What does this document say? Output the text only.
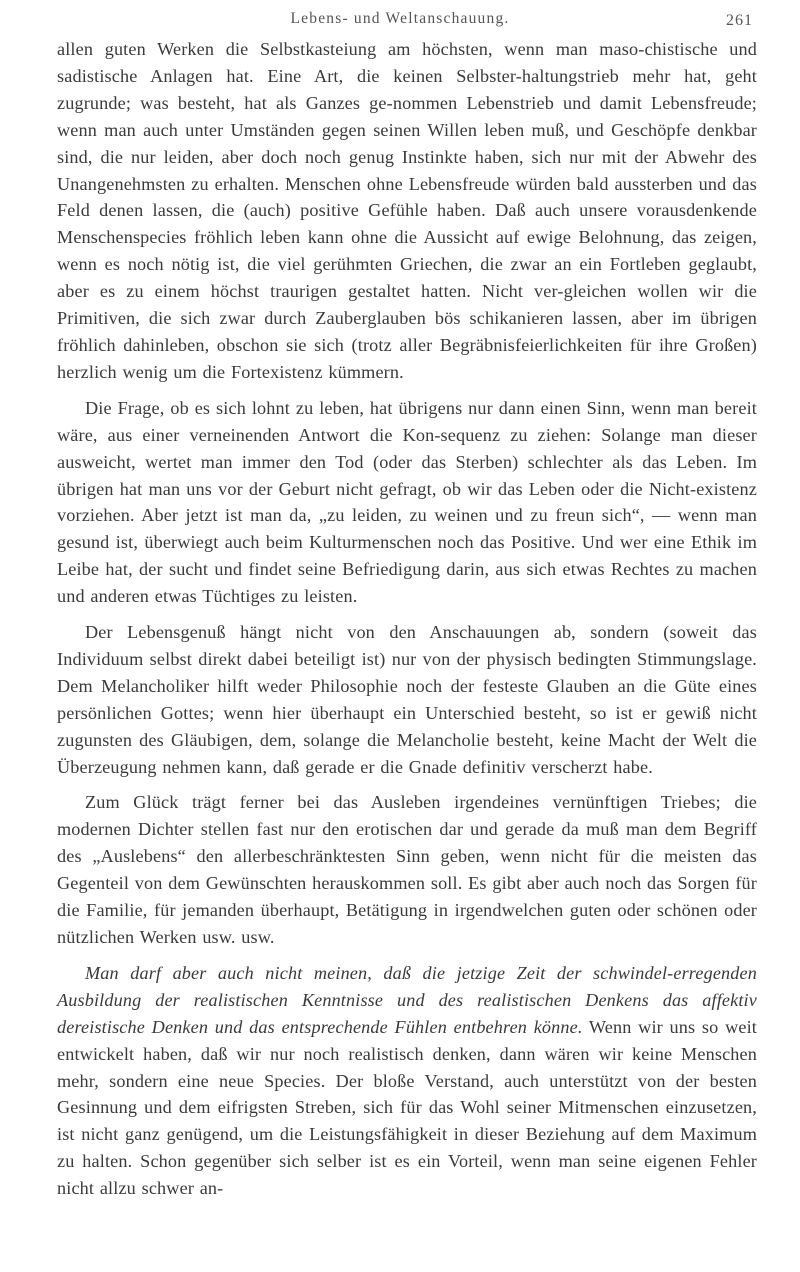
Lebens- und Weltanschauung.	261

allen guten Werken die Selbstkasteiung am höchsten, wenn man maso-chistische und sadistische Anlagen hat. Eine Art, die keinen Selbster-haltungstrieb mehr hat, geht zugrunde; was besteht, hat als Ganzes ge-nommen Lebenstrieb und damit Lebensfreude; wenn man auch unter Umständen gegen seinen Willen leben muß, und Geschöpfe denkbar sind, die nur leiden, aber doch noch genug Instinkte haben, sich nur mit der Abwehr des Unangenehmsten zu erhalten. Menschen ohne Lebensfreude würden bald aussterben und das Feld denen lassen, die (auch) positive Gefühle haben. Daß auch unsere vorausdenkende Menschenspecies fröhlich leben kann ohne die Aussicht auf ewige Belohnung, das zeigen, wenn es noch nötig ist, die viel gerühmten Griechen, die zwar an ein Fortleben geglaubt, aber es zu einem höchst traurigen gestaltet hatten. Nicht ver-gleichen wollen wir die Primitiven, die sich zwar durch Zauberglauben bös schikanieren lassen, aber im übrigen fröhlich dahinleben, obschon sie sich (trotz aller Begräbnisfeierlichkeiten für ihre Großen) herzlich wenig um die Fortexistenz kümmern.

Die Frage, ob es sich lohnt zu leben, hat übrigens nur dann einen Sinn, wenn man bereit wäre, aus einer verneinenden Antwort die Kon-sequenz zu ziehen: Solange man dieser ausweicht, wertet man immer den Tod (oder das Sterben) schlechter als das Leben. Im übrigen hat man uns vor der Geburt nicht gefragt, ob wir das Leben oder die Nicht-existenz vorziehen. Aber jetzt ist man da, „zu leiden, zu weinen und zu freun sich“, — wenn man gesund ist, überwiegt auch beim Kulturmenschen noch das Positive. Und wer eine Ethik im Leibe hat, der sucht und findet seine Befriedigung darin, aus sich etwas Rechtes zu machen und anderen etwas Tüchtiges zu leisten.

Der Lebensgenuß hängt nicht von den Anschauungen ab, sondern (soweit das Individuum selbst direkt dabei beteiligt ist) nur von der physisch bedingten Stimmungslage. Dem Melancholiker hilft weder Philosophie noch der festeste Glauben an die Güte eines persönlichen Gottes; wenn hier überhaupt ein Unterschied besteht, so ist er gewiß nicht zugunsten des Gläubigen, dem, solange die Melancholie besteht, keine Macht der Welt die Überzeugung nehmen kann, daß gerade er die Gnade definitiv verscherzt habe.

Zum Glück trägt ferner bei das Ausleben irgendeines vernünftigen Triebes; die modernen Dichter stellen fast nur den erotischen dar und gerade da muß man dem Begriff des „Auslebens“ den allerbeschränktesten Sinn geben, wenn nicht für die meisten das Gegenteil von dem Gewünschten herauskommen soll. Es gibt aber auch noch das Sorgen für die Familie, für jemanden überhaupt, Betätigung in irgendwelchen guten oder schönen oder nützlichen Werken usw. usw.

Man darf aber auch nicht meinen, daß die jetzige Zeit der schwindel-erregenden Ausbildung der realistischen Kenntnisse und des realistischen Denkens das affektiv dereistische Denken und das entsprechende Fühlen entbehren könne. Wenn wir uns so weit entwickelt haben, daß wir nur noch realistisch denken, dann wären wir keine Menschen mehr, sondern eine neue Species. Der bloße Verstand, auch unterstützt von der besten Gesinnung und dem eifrigsten Streben, sich für das Wohl seiner Mitmenschen einzusetzen, ist nicht ganz genügend, um die Leistungsfähigkeit in dieser Beziehung auf dem Maximum zu halten. Schon gegenüber sich selber ist es ein Vorteil, wenn man seine eigenen Fehler nicht allzu schwer an-
